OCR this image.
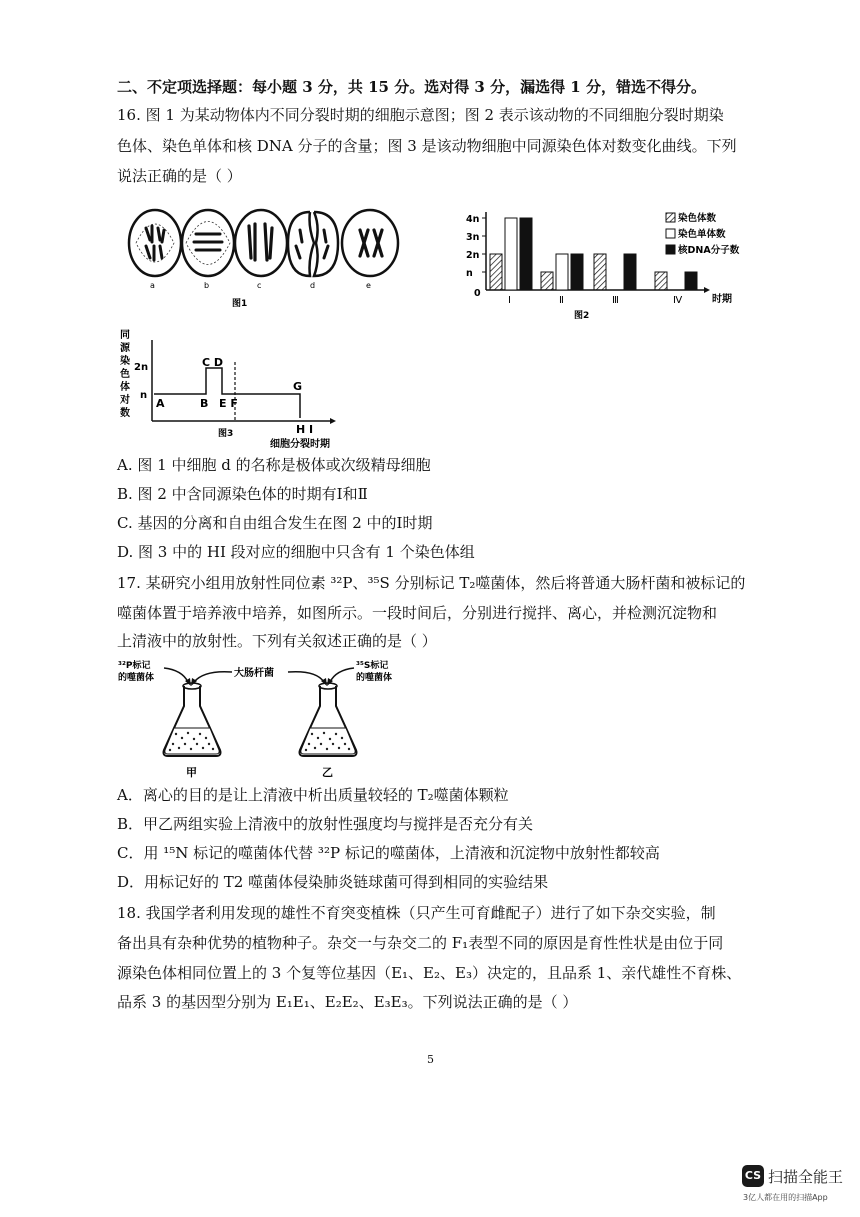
二、不定项选择题：每小题 3 分，共 15 分。选对得 3 分，漏选得 1 分，错选不得分。
16. 图 1 为某动物体内不同分裂时期的细胞示意图；图 2 表示该动物的不同细胞分裂时期染
色体、染色单体和核 DNA 分子的含量；图 3 是该动物细胞中同源染色体对数变化曲线。下列
说法正确的是（ ）
a	b	c	d	e
图1
4n
3n
2n
n
0
Ⅰ	Ⅱ	Ⅲ	Ⅳ	时期
染色体数
染色单体数
核DNA分子数
图2
同
源
染
色
体
对
数
2n
n
A	B
C D
E F
G
H I
图3
细胞分裂时期
A. 图 1 中细胞 d 的名称是极体或次级精母细胞
B. 图 2 中含同源染色体的时期有Ⅰ和Ⅱ
C. 基因的分离和自由组合发生在图 2 中的Ⅰ时期
D. 图 3 中的 HI 段对应的细胞中只含有 1 个染色体组
17. 某研究小组用放射性同位素 ³²P、³⁵S 分别标记 T₂噬菌体，然后将普通大肠杆菌和被标记的
噬菌体置于培养液中培养，如图所示。一段时间后，分别进行搅拌、离心，并检测沉淀物和
上清液中的放射性。下列有关叙述正确的是（ ）
³²P标记
的噬菌体	大肠杆菌
³⁵S标记
的噬菌体
甲	乙
A．离心的目的是让上清液中析出质量较轻的 T₂噬菌体颗粒
B．甲乙两组实验上清液中的放射性强度均与搅拌是否充分有关
C．用 ¹⁵N 标记的噬菌体代替 ³²P 标记的噬菌体，上清液和沉淀物中放射性都较高
D．用标记好的 T2 噬菌体侵染肺炎链球菌可得到相同的实验结果
18. 我国学者利用发现的雄性不育突变植株（只产生可育雌配子）进行了如下杂交实验，制
备出具有杂种优势的植物种子。杂交一与杂交二的 F₁表型不同的原因是育性性状是由位于同
源染色体相同位置上的 3 个复等位基因（E₁、E₂、E₃）决定的，且品系 1、亲代雄性不育株、
品系 3 的基因型分别为 E₁E₁、E₂E₂、E₃E₃。下列说法正确的是（ ）
5
CS 扫描全能王
3亿人都在用的扫描App
